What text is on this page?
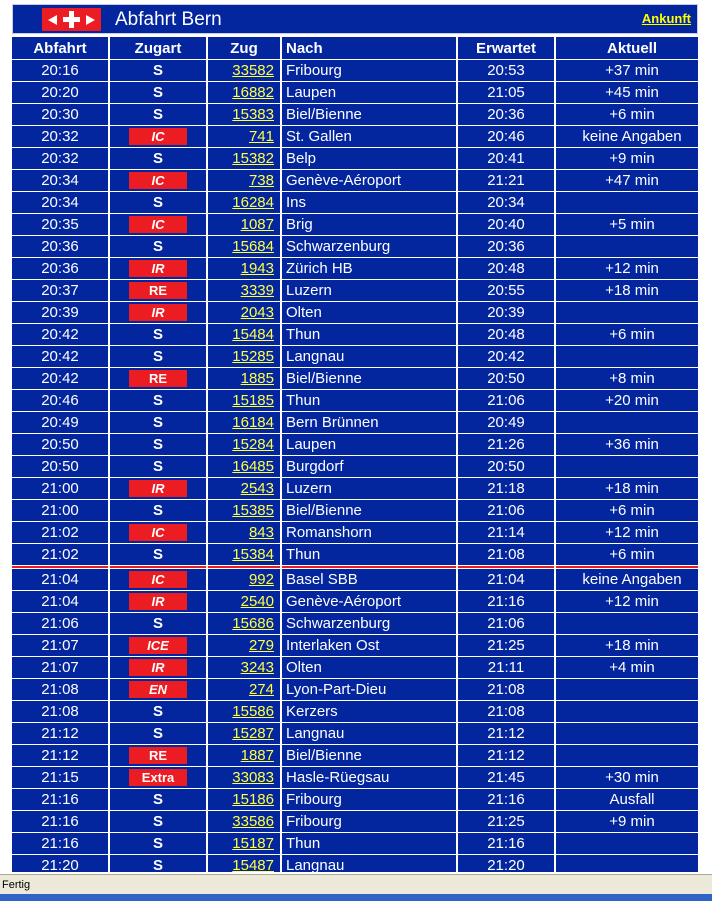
Abfahrt Bern	Ankunft
Abfahrt	Zugart	Zug	Nach	Erwartet	Aktuell
20:16	S	33582	Fribourg	20:53	+37 min
20:20	S	16882	Laupen	21:05	+45 min
20:30	S	15383	Biel/Bienne	20:36	+6 min
20:32	IC	741	St. Gallen	20:46	keine Angaben
20:32	S	15382	Belp	20:41	+9 min
20:34	IC	738	Genève-Aéroport	21:21	+47 min
20:34	S	16284	Ins	20:34	
20:35	IC	1087	Brig	20:40	+5 min
20:36	S	15684	Schwarzenburg	20:36	
20:36	IR	1943	Zürich HB	20:48	+12 min
20:37	RE	3339	Luzern	20:55	+18 min
20:39	IR	2043	Olten	20:39	
20:42	S	15484	Thun	20:48	+6 min
20:42	S	15285	Langnau	20:42	
20:42	RE	1885	Biel/Bienne	20:50	+8 min
20:46	S	15185	Thun	21:06	+20 min
20:49	S	16184	Bern Brünnen	20:49	
20:50	S	15284	Laupen	21:26	+36 min
20:50	S	16485	Burgdorf	20:50	
21:00	IR	2543	Luzern	21:18	+18 min
21:00	S	15385	Biel/Bienne	21:06	+6 min
21:02	IC	843	Romanshorn	21:14	+12 min
21:02	S	15384	Thun	21:08	+6 min

21:04	IC	992	Basel SBB	21:04	keine Angaben
21:04	IR	2540	Genève-Aéroport	21:16	+12 min
21:06	S	15686	Schwarzenburg	21:06	
21:07	ICE	279	Interlaken Ost	21:25	+18 min
21:07	IR	3243	Olten	21:11	+4 min
21:08	EN	274	Lyon-Part-Dieu	21:08	
21:08	S	15586	Kerzers	21:08	
21:12	S	15287	Langnau	21:12	
21:12	RE	1887	Biel/Bienne	21:12	
21:15	Extra	33083	Hasle-Rüegsau	21:45	+30 min
21:16	S	15186	Fribourg	21:16	Ausfall
21:16	S	33586	Fribourg	21:25	+9 min
21:16	S	15187	Thun	21:16	
21:20	S	15487	Langnau	21:20	
Fertig
